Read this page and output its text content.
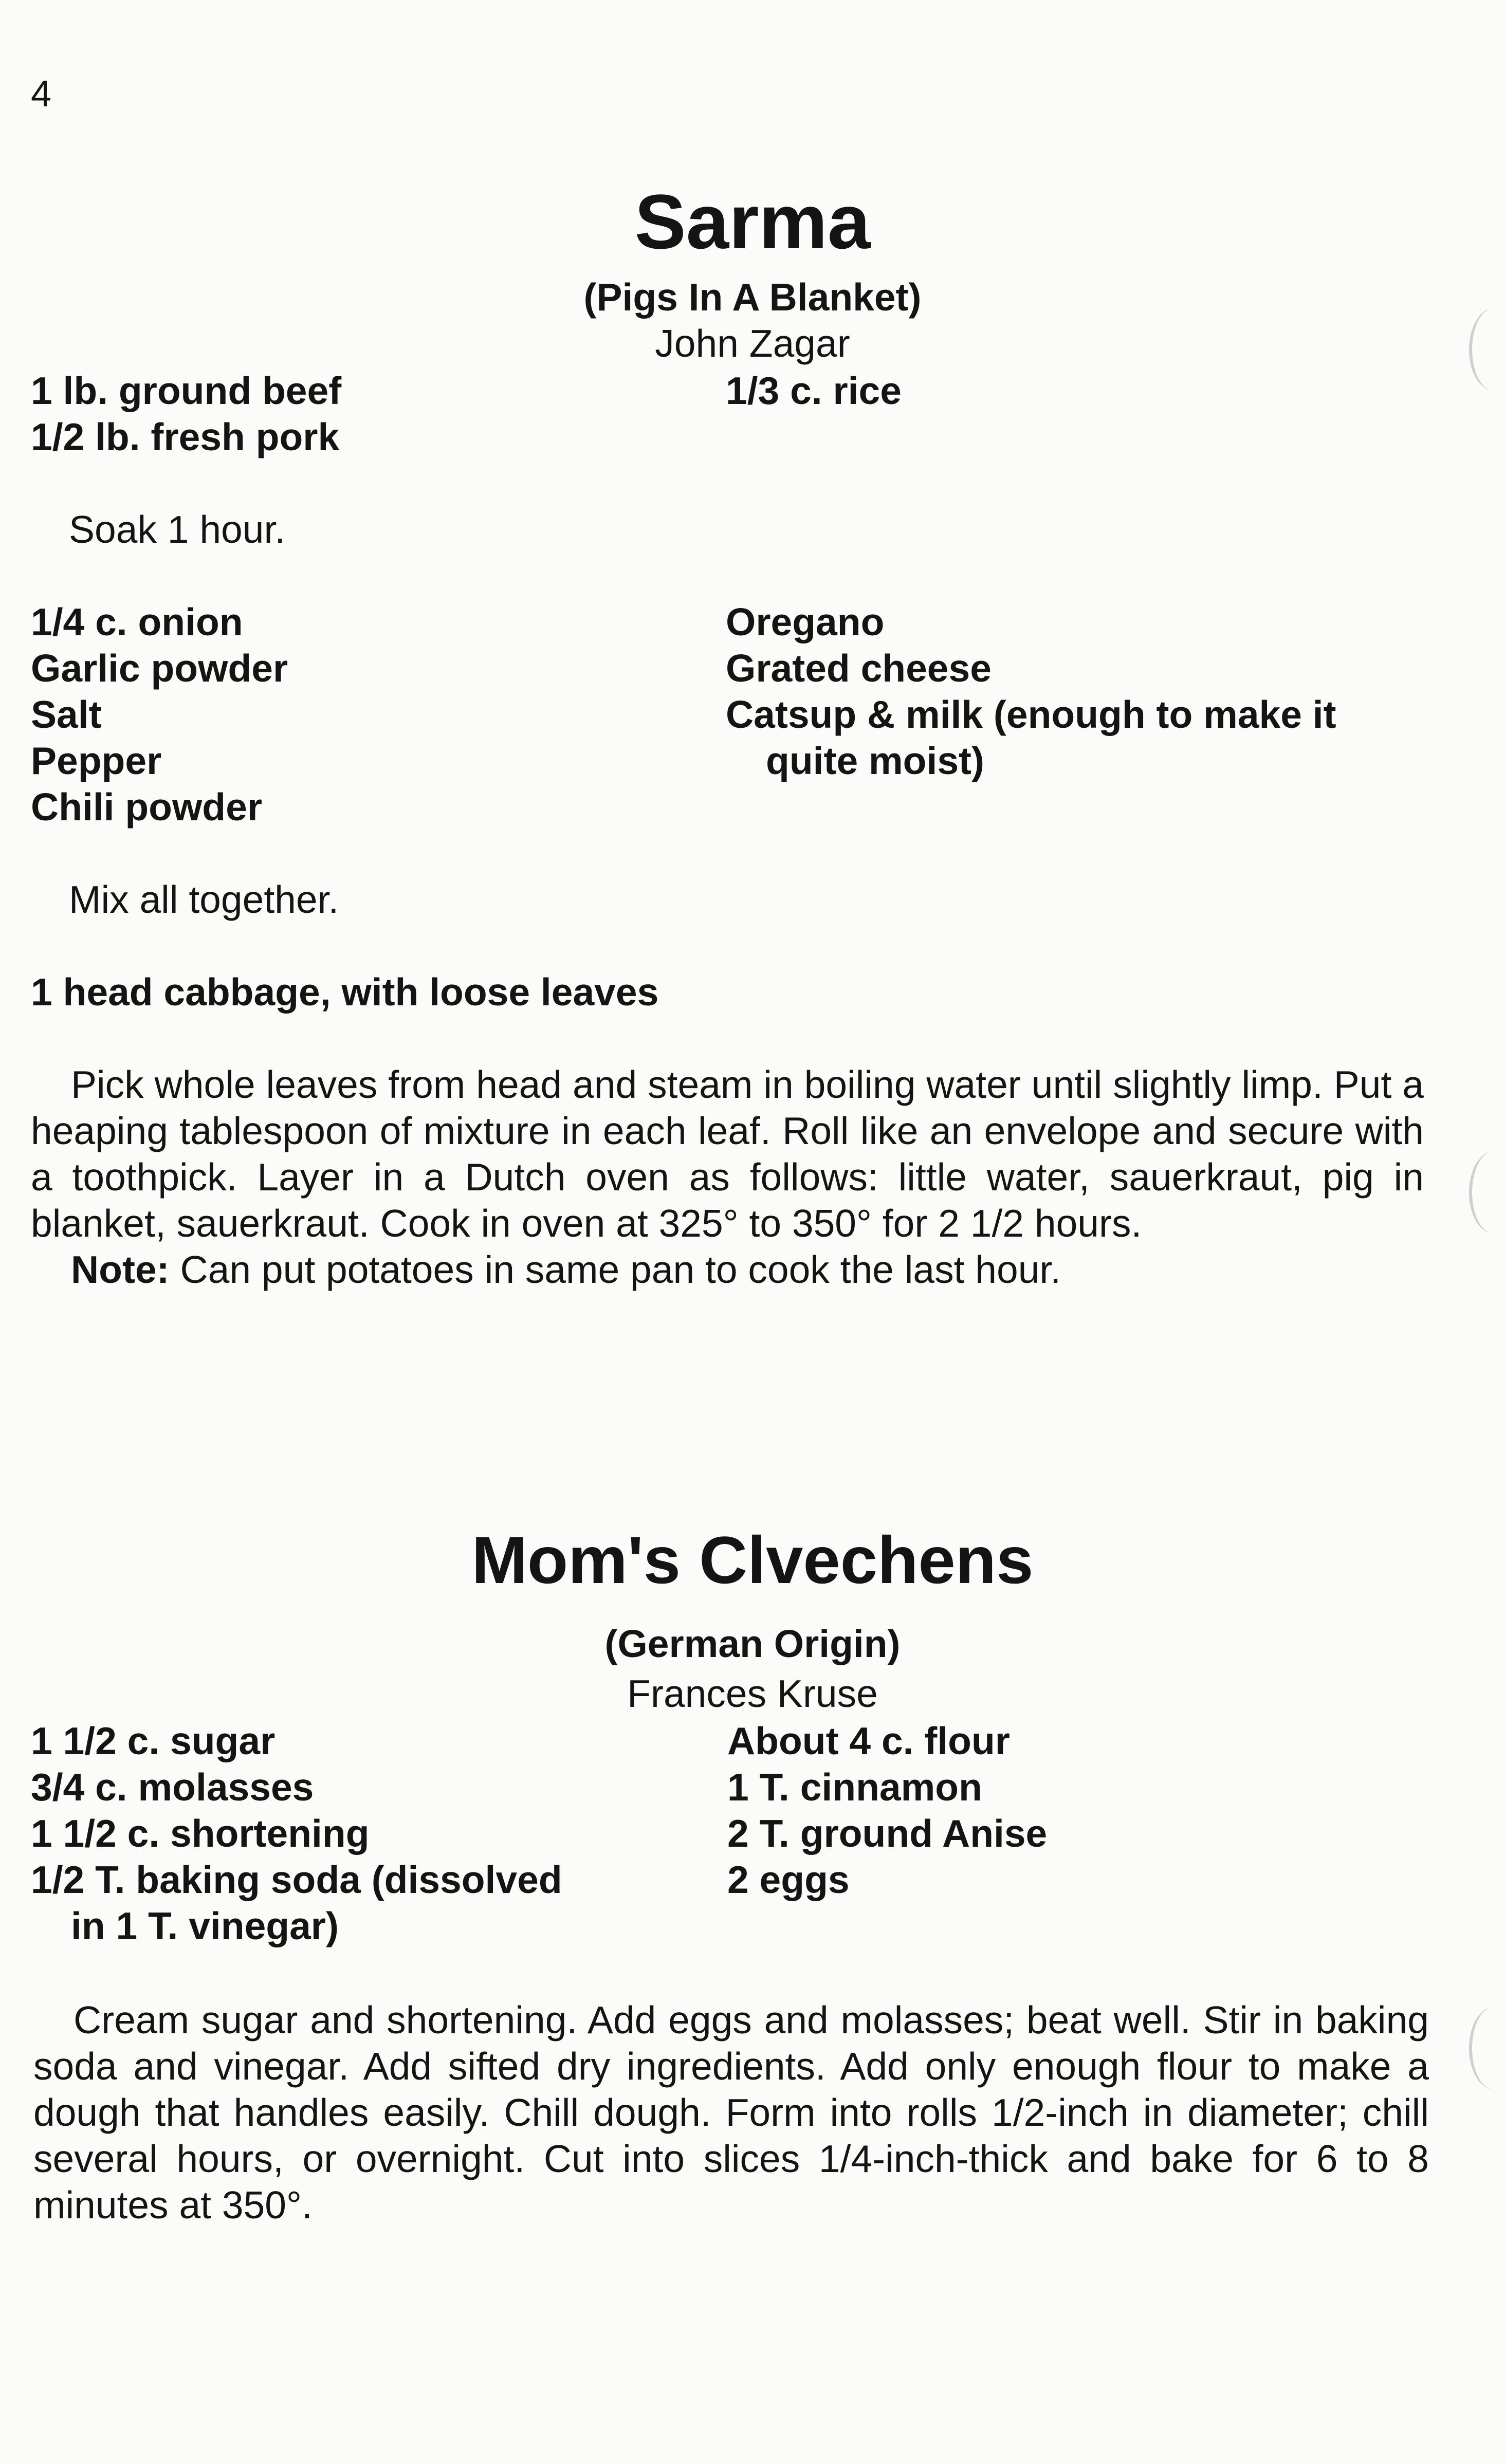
4
Sarma
(Pigs In A Blanket)
John Zagar
1 lb. ground beef
1/2 lb. fresh pork
1/3 c. rice
Soak 1 hour.
1/4 c. onion
Garlic powder
Salt
Pepper
Chili powder
Oregano
Grated cheese
Catsup & milk (enough to make it
quite moist)
Mix all together.
1 head cabbage, with loose leaves
Pick whole leaves from head and steam in boiling water until slightly limp. Put a heaping tablespoon of mixture in each leaf. Roll like an envelope and secure with a toothpick. Layer in a Dutch oven as follows: little water, sauerkraut, pig in blanket, sauerkraut. Cook in oven at 325° to 350° for 2 1/2 hours.
Note: Can put potatoes in same pan to cook the last hour.
Mom's Clvechens
(German Origin)
Frances Kruse
1 1/2 c. sugar
3/4 c. molasses
1 1/2 c. shortening
1/2 T. baking soda (dissolved
in 1 T. vinegar)
About 4 c. flour
1 T. cinnamon
2 T. ground Anise
2 eggs
Cream sugar and shortening. Add eggs and molasses; beat well. Stir in baking soda and vinegar. Add sifted dry ingredients. Add only enough flour to make a dough that handles easily. Chill dough. Form into rolls 1/2-inch in diameter; chill several hours, or overnight. Cut into slices 1/4-inch-thick and bake for 6 to 8 minutes at 350°.
